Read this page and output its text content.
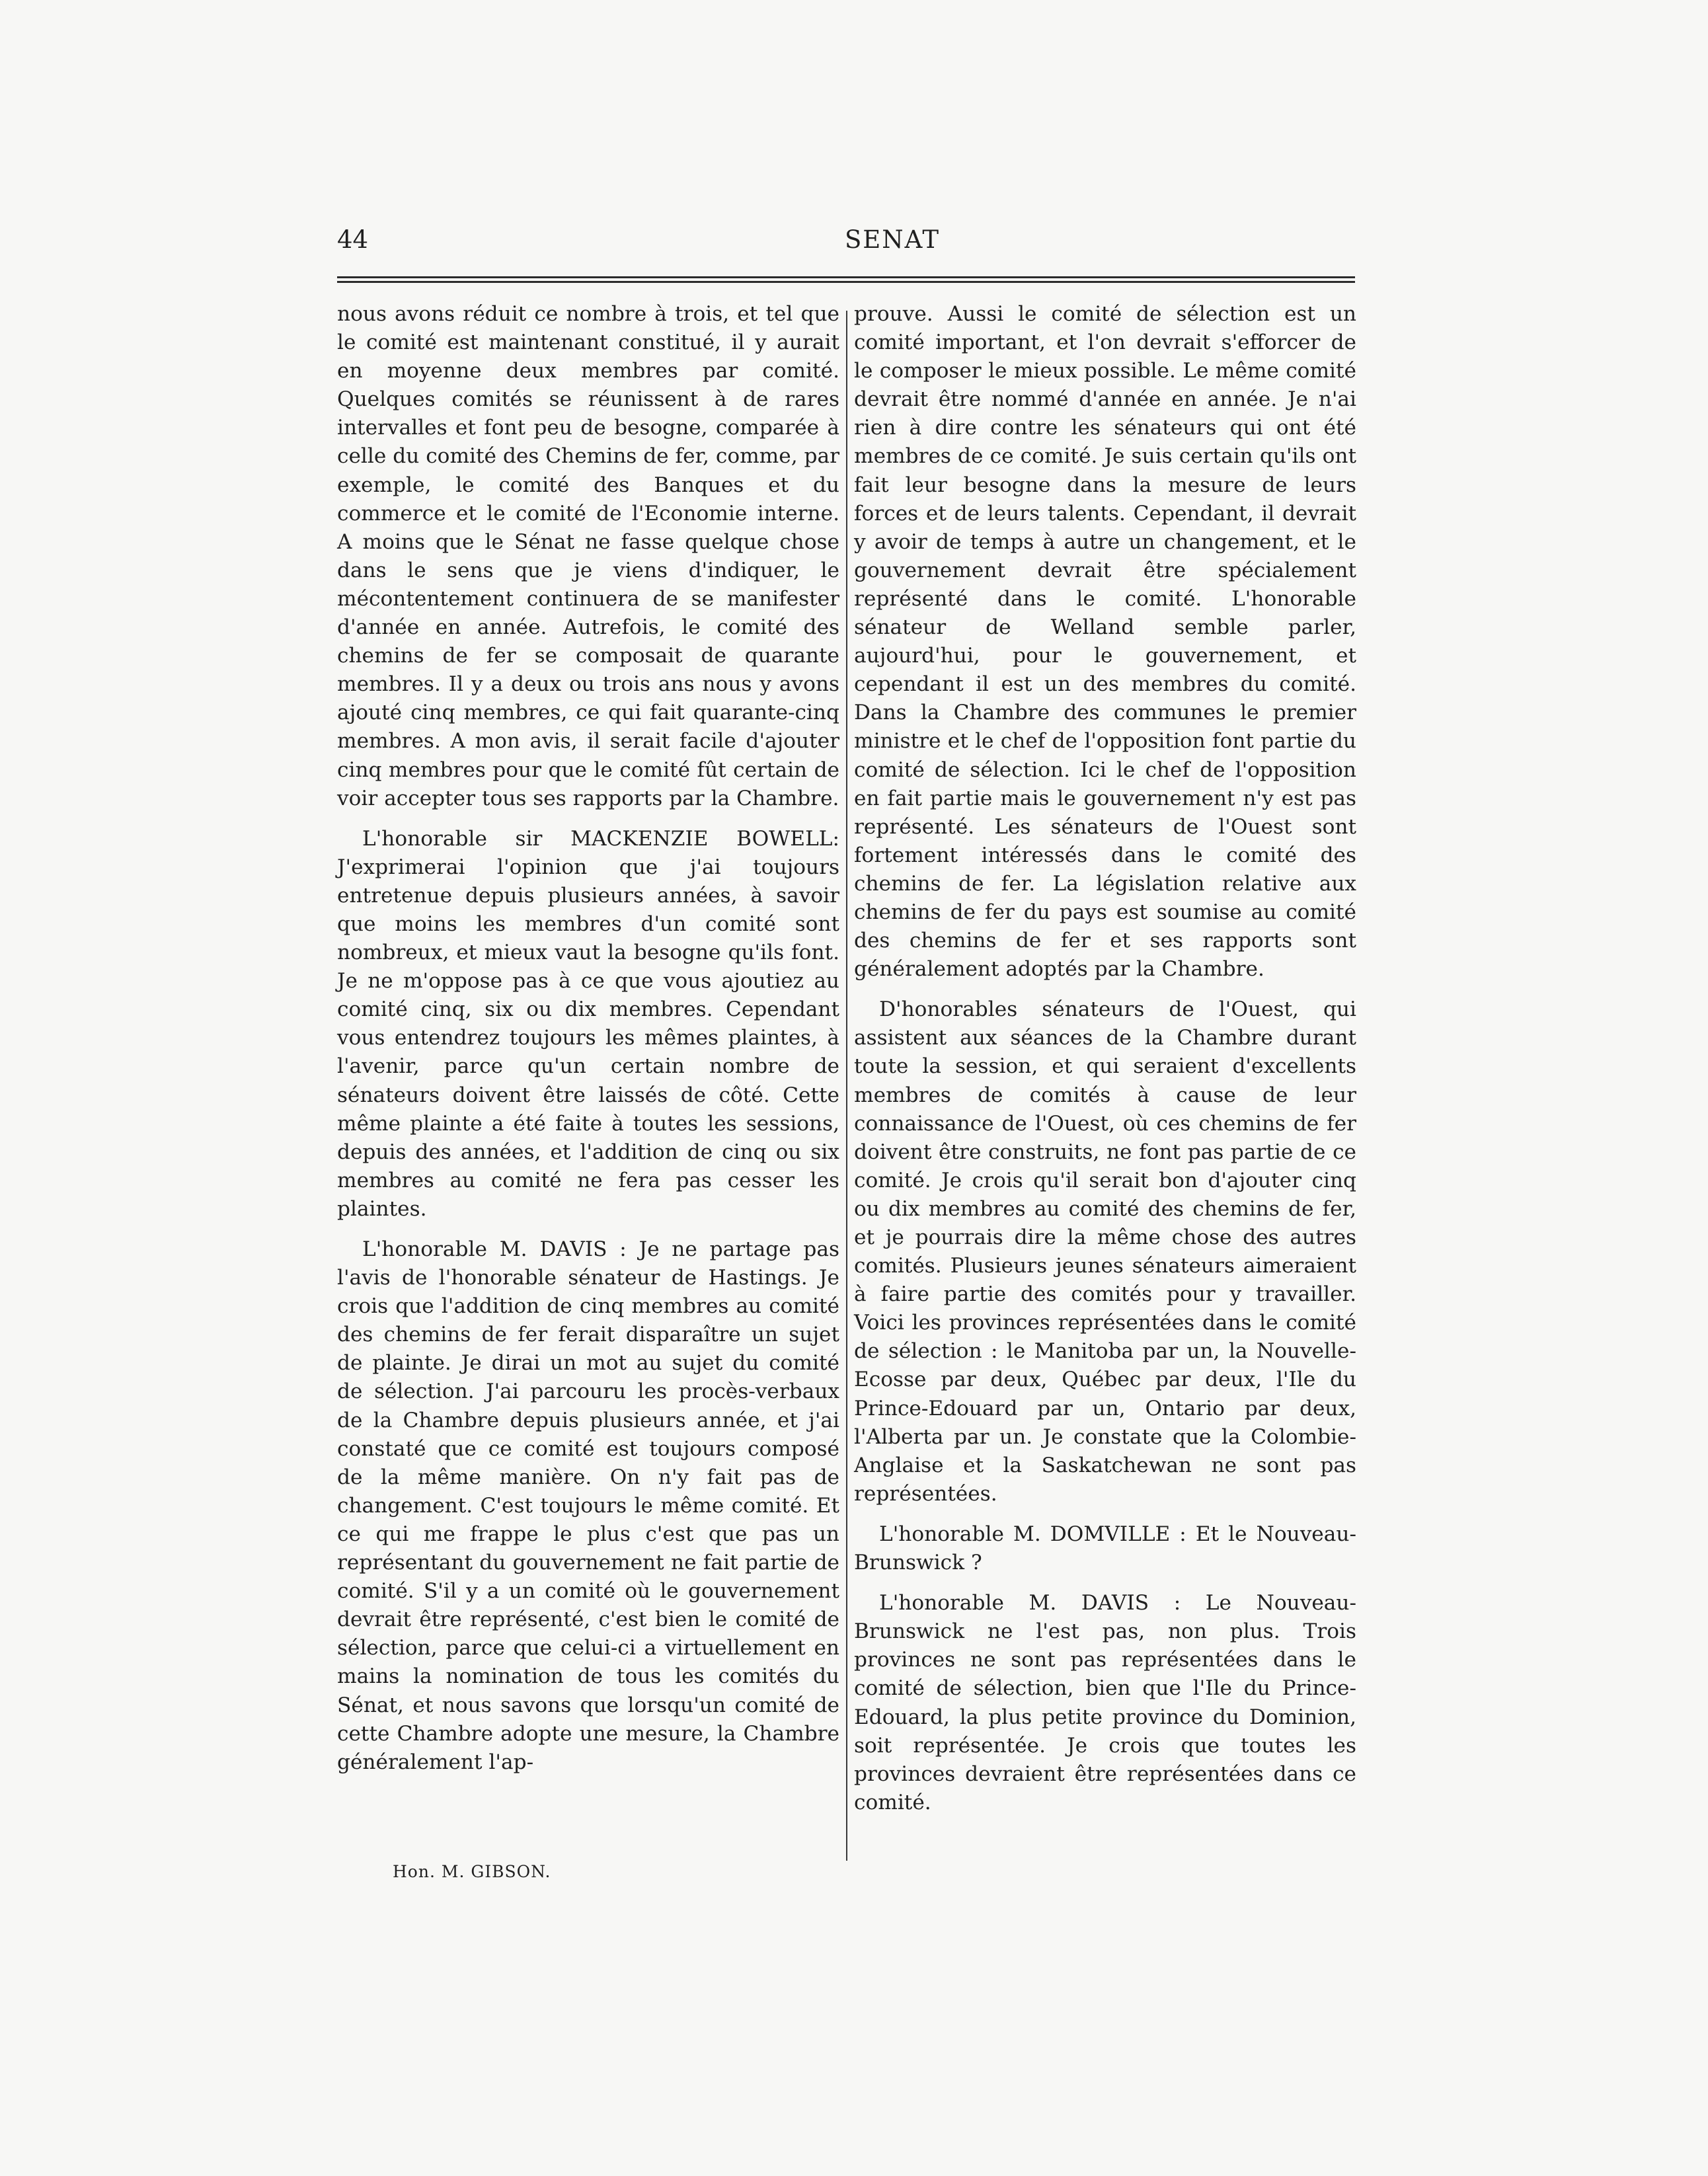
44	SENAT

nous avons réduit ce nombre à trois, et tel que le comité est maintenant constitué, il y aurait en moyenne deux membres par comité. Quelques comités se réunissent à de rares intervalles et font peu de besogne, comparée à celle du comité des Chemins de fer, comme, par exemple, le comité des Banques et du commerce et le comité de l'Economie interne. A moins que le Sénat ne fasse quelque chose dans le sens que je viens d'indiquer, le mécontentement continuera de se manifester d'année en année. Autrefois, le comité des chemins de fer se composait de quarante membres. Il y a deux ou trois ans nous y avons ajouté cinq membres, ce qui fait quarante-cinq membres. A mon avis, il serait facile d'ajouter cinq membres pour que le comité fût certain de voir accepter tous ses rapports par la Chambre.

L'honorable sir MACKENZIE BOWELL: J'exprimerai l'opinion que j'ai toujours entretenue depuis plusieurs années, à savoir que moins les membres d'un comité sont nombreux, et mieux vaut la besogne qu'ils font. Je ne m'oppose pas à ce que vous ajoutiez au comité cinq, six ou dix membres. Cependant vous entendrez toujours les mêmes plaintes, à l'avenir, parce qu'un certain nombre de sénateurs doivent être laissés de côté. Cette même plainte a été faite à toutes les sessions, depuis des années, et l'addition de cinq ou six membres au comité ne fera pas cesser les plaintes.

L'honorable M. DAVIS : Je ne partage pas l'avis de l'honorable sénateur de Hastings. Je crois que l'addition de cinq membres au comité des chemins de fer ferait disparaître un sujet de plainte. Je dirai un mot au sujet du comité de sélection. J'ai parcouru les procès-verbaux de la Chambre depuis plusieurs année, et j'ai constaté que ce comité est toujours composé de la même manière. On n'y fait pas de changement. C'est toujours le même comité. Et ce qui me frappe le plus c'est que pas un représentant du gouvernement ne fait partie de comité. S'il y a un comité où le gouvernement devrait être représenté, c'est bien le comité de sélection, parce que celui-ci a virtuellement en mains la nomination de tous les comités du Sénat, et nous savons que lorsqu'un comité de cette Chambre adopte une mesure, la Chambre généralement l'ap-

prouve. Aussi le comité de sélection est un comité important, et l'on devrait s'efforcer de le composer le mieux possible. Le même comité devrait être nommé d'année en année. Je n'ai rien à dire contre les sénateurs qui ont été membres de ce comité. Je suis certain qu'ils ont fait leur besogne dans la mesure de leurs forces et de leurs talents. Cependant, il devrait y avoir de temps à autre un changement, et le gouvernement devrait être spécialement représenté dans le comité. L'honorable sénateur de Welland semble parler, aujourd'hui, pour le gouvernement, et cependant il est un des membres du comité. Dans la Chambre des communes le premier ministre et le chef de l'opposition font partie du comité de sélection. Ici le chef de l'opposition en fait partie mais le gouvernement n'y est pas représenté. Les sénateurs de l'Ouest sont fortement intéressés dans le comité des chemins de fer. La législation relative aux chemins de fer du pays est soumise au comité des chemins de fer et ses rapports sont généralement adoptés par la Chambre.

D'honorables sénateurs de l'Ouest, qui assistent aux séances de la Chambre durant toute la session, et qui seraient d'excellents membres de comités à cause de leur connaissance de l'Ouest, où ces chemins de fer doivent être construits, ne font pas partie de ce comité. Je crois qu'il serait bon d'ajouter cinq ou dix membres au comité des chemins de fer, et je pourrais dire la même chose des autres comités. Plusieurs jeunes sénateurs aimeraient à faire partie des comités pour y travailler. Voici les provinces représentées dans le comité de sélection : le Manitoba par un, la Nouvelle-Ecosse par deux, Québec par deux, l'Ile du Prince-Edouard par un, Ontario par deux, l'Alberta par un. Je constate que la Colombie-Anglaise et la Saskatchewan ne sont pas représentées.

L'honorable M. DOMVILLE : Et le Nouveau-Brunswick ?

L'honorable M. DAVIS : Le Nouveau-Brunswick ne l'est pas, non plus. Trois provinces ne sont pas représentées dans le comité de sélection, bien que l'Ile du Prince-Edouard, la plus petite province du Dominion, soit représentée. Je crois que toutes les provinces devraient être représentées dans ce comité.

Hon. M. GIBSON.
